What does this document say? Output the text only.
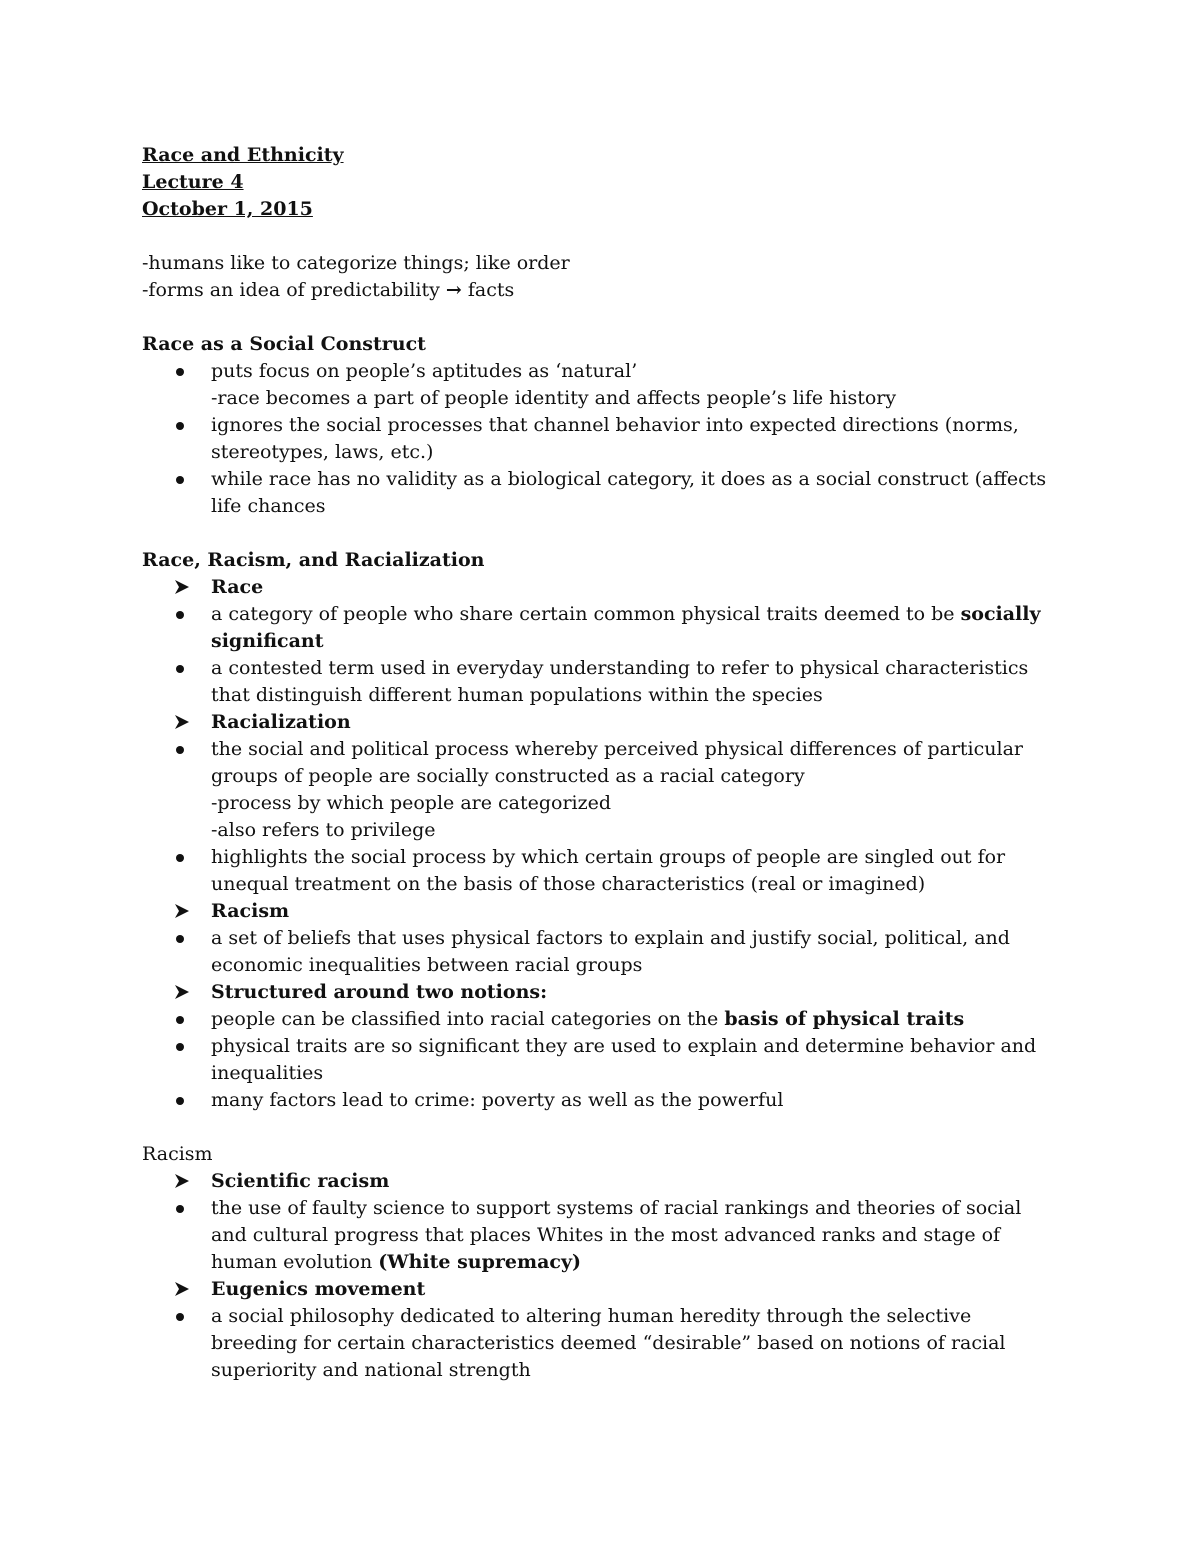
Race and Ethnicity
Lecture 4
October 1, 2015
-humans like to categorize things; like order
-forms an idea of predictability → facts
Race as a Social Construct
puts focus on people’s aptitudes as ‘natural’
-race becomes a part of people identity and affects people’s life history
ignores the social processes that channel behavior into expected directions (norms, stereotypes, laws, etc.)
while race has no validity as a biological category, it does as a social construct (affects life chances
Race, Racism, and Racialization
Race
a category of people who share certain common physical traits deemed to be socially significant
a contested term used in everyday understanding to refer to physical characteristics that distinguish different human populations within the species
Racialization
the social and political process whereby perceived physical differences of particular groups of people are socially constructed as a racial category
-process by which people are categorized
-also refers to privilege
highlights the social process by which certain groups of people are singled out for unequal treatment on the basis of those characteristics (real or imagined)
Racism
a set of beliefs that uses physical factors to explain and justify social, political, and economic inequalities between racial groups
Structured around two notions:
people can be classified into racial categories on the basis of physical traits
physical traits are so significant they are used to explain and determine behavior and inequalities
many factors lead to crime: poverty as well as the powerful
Racism
Scientific racism
the use of faulty science to support systems of racial rankings and theories of social and cultural progress that places Whites in the most advanced ranks and stage of human evolution (White supremacy)
Eugenics movement
a social philosophy dedicated to altering human heredity through the selective breeding for certain characteristics deemed “desirable” based on notions of racial superiority and national strength
